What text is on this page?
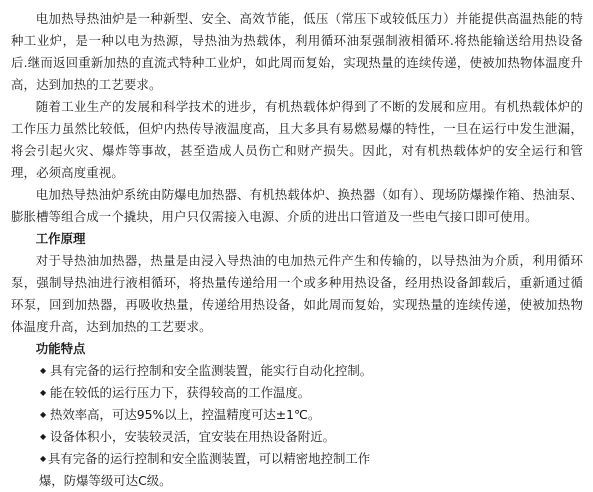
电加热导热油炉是一种新型、安全、高效节能，低压（常压下或较低压力）并能提供高温热能的特种工业炉，是一种以电为热源，导热油为热载体，利用循环油泵强制液相循环.将热能输送给用热设备后.继而返回重新加热的直流式特种工业炉，如此周而复始，实现热量的连续传递，使被加热物体温度升高，达到加热的工艺要求。

随着工业生产的发展和科学技术的进步，有机热载体炉得到了不断的发展和应用。有机热载体炉的工作压力虽然比较低，但炉内热传导液温度高，且大多具有易燃易爆的特性，一旦在运行中发生泄漏，将会引起火灾、爆炸等事故，甚至造成人员伤亡和财产损失。因此，对有机热载体炉的安全运行和管理，必须高度重视。

电加热导热油炉系统由防爆电加热器、有机热载体炉、换热器（如有）、现场防爆操作箱、热油泵、膨胀槽等组合成一个撬块，用户只仅需接入电源、介质的进出口管道及一些电气接口即可使用。

工作原理

对于导热油加热器，热量是由浸入导热油的电加热元件产生和传输的，以导热油为介质，利用循环泵，强制导热油进行液相循环，将热量传递给用一个或多种用热设备，经用热设备卸载后，重新通过循环泵，回到加热器，再吸收热量，传递给用热设备，如此周而复始，实现热量的连续传递，使被加热物体温度升高，达到加热的工艺要求。

功能特点

◆ 具有完备的运行控制和安全监测装置，能实行自动化控制。
◆ 能在较低的运行压力下，获得较高的工作温度。
◆ 热效率高，可达95%以上，控温精度可达±1℃。
◆ 设备体积小，安装较灵活，宜安装在用热设备附近。
◆ 具有完备的运行控制和安全监测装置，可以精密地控制工作
爆，防爆等级可达C级。
